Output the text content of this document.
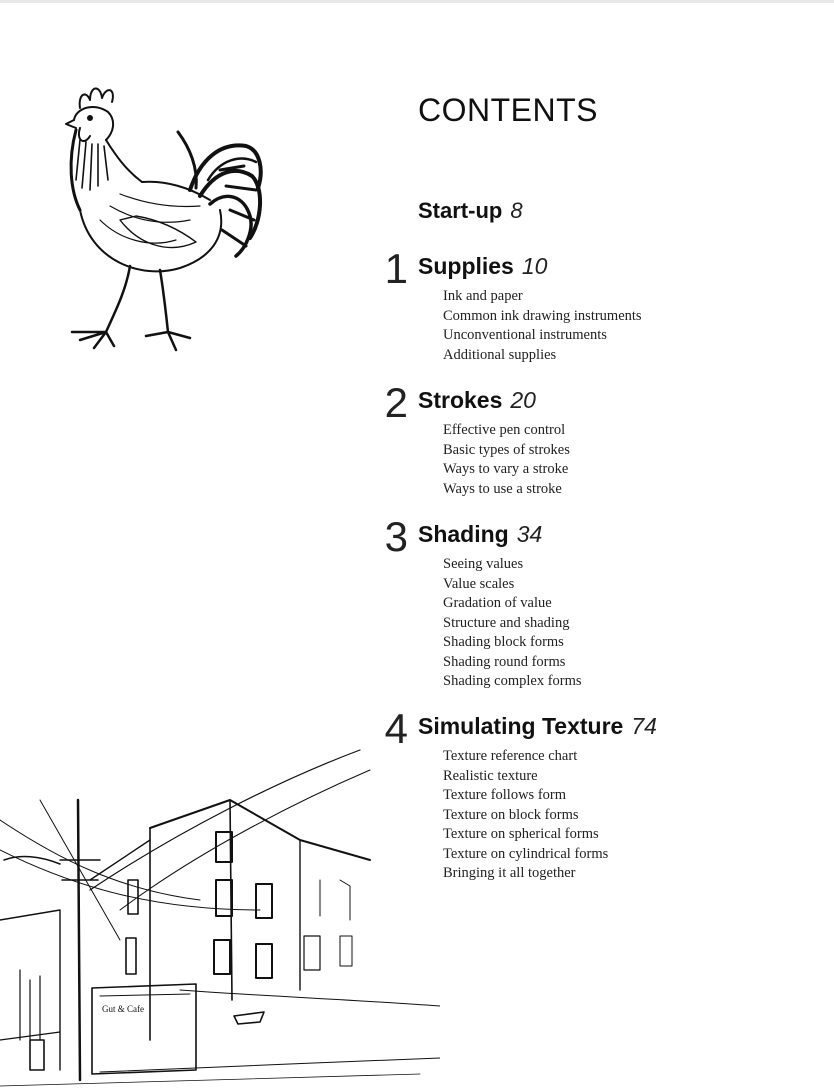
Gut & Cafe
CONTENTS
Start-up 8
1 Supplies 10
Ink and paper
Common ink drawing instruments
Unconventional instruments
Additional supplies
2 Strokes 20
Effective pen control
Basic types of strokes
Ways to vary a stroke
Ways to use a stroke
3 Shading 34
Seeing values
Value scales
Gradation of value
Structure and shading
Shading block forms
Shading round forms
Shading complex forms
4 Simulating Texture 74
Texture reference chart
Realistic texture
Texture follows form
Texture on block forms
Texture on spherical forms
Texture on cylindrical forms
Bringing it all together
